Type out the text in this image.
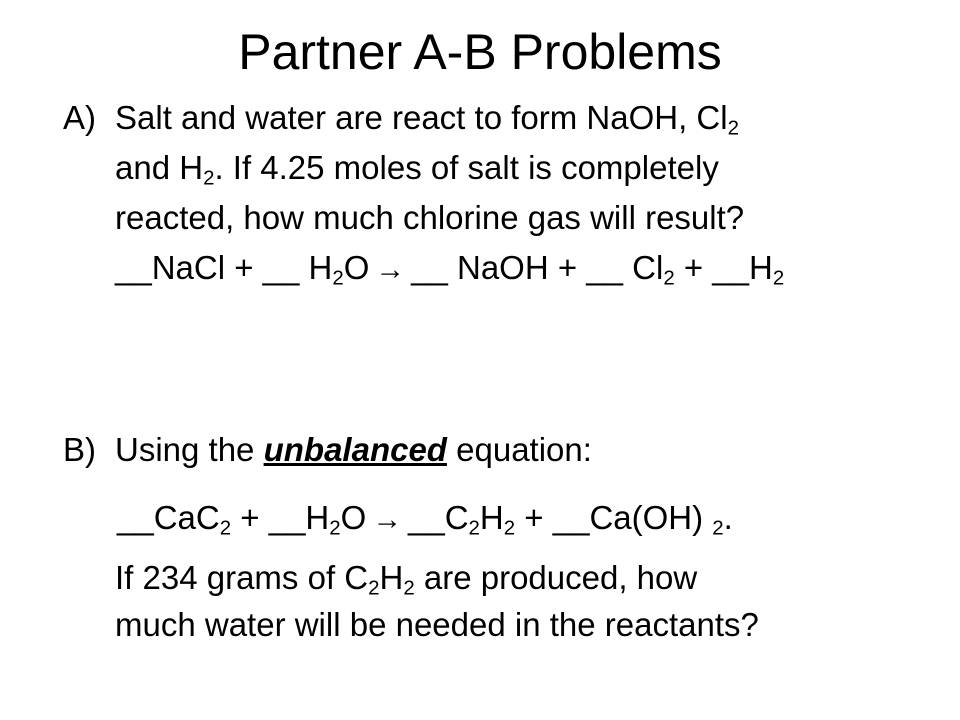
Partner A-B Problems
A) Salt and water are react to form NaOH, $Cl_2$
and $H_2$. If 4.25 moles of salt is completely
reacted, how much chlorine gas will result?
__NaCl + __ $H_2O$ → __ NaOH + __ $Cl_2$ + $\_\_H_2$
B) Using the unbalanced equation:
__CaC$_2$ + $\_\_H_2O$ → $\_\_C_2H_2$ + __Ca(OH) $_2$.
If 234 grams of $C_2H_2$ are produced, how
much water will be needed in the reactants?
